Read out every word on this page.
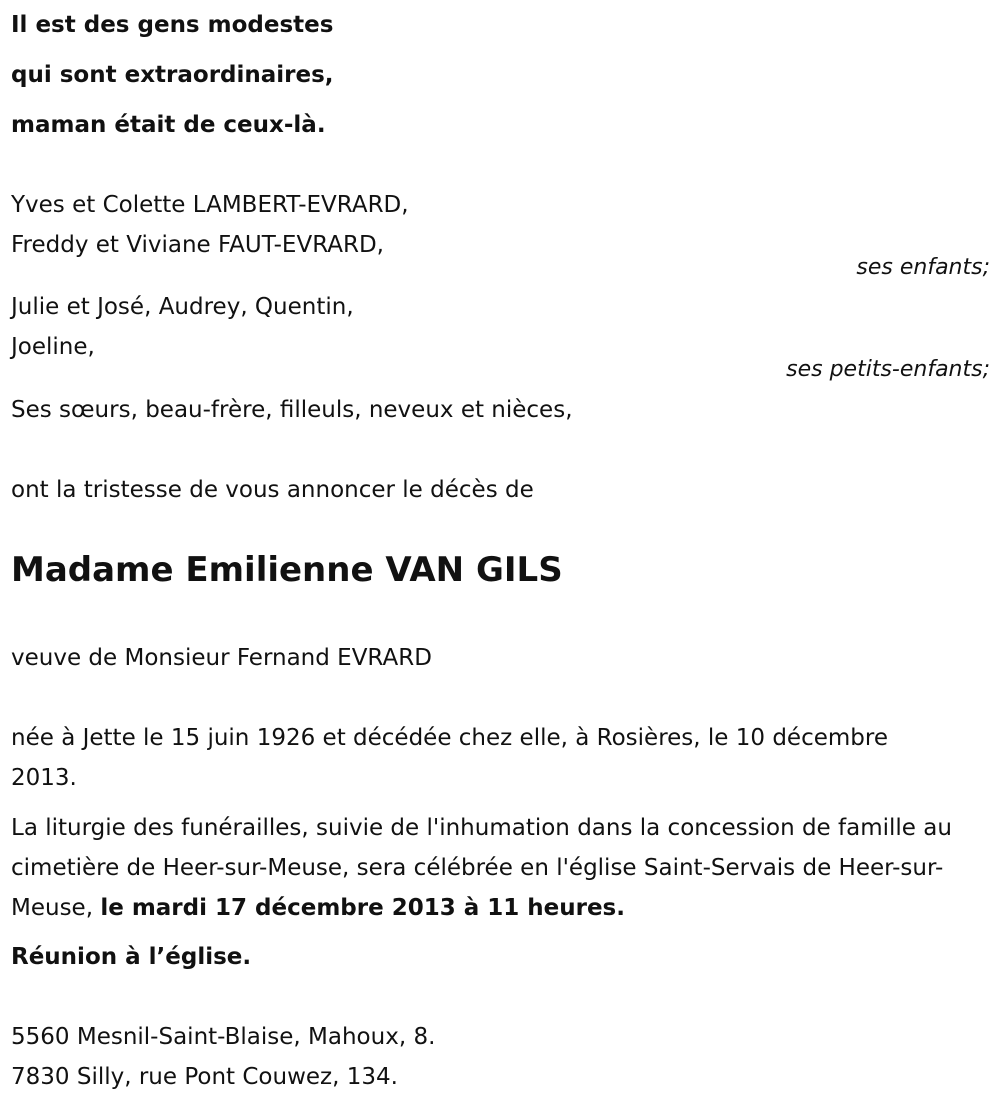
Il est des gens modestes
qui sont extraordinaires,
maman était de ceux-là.
Yves et Colette LAMBERT-EVRARD,
Freddy et Viviane FAUT-EVRARD,
ses enfants;
Julie et José, Audrey, Quentin,
Joeline,
ses petits-enfants;
Ses sœurs, beau-frère, filleuls, neveux et nièces,
ont la tristesse de vous annoncer le décès de
Madame Emilienne VAN GILS
veuve de Monsieur Fernand EVRARD
née à Jette le 15 juin 1926 et décédée chez elle, à Rosières, le 10 décembre 2013.
La liturgie des funérailles, suivie de l'inhumation dans la concession de famille au cimetière de Heer-sur-Meuse, sera célébrée en l'église Saint-Servais de Heer-sur-Meuse, le mardi 17 décembre 2013 à 11 heures.
Réunion à l’église.
5560 Mesnil-Saint-Blaise, Mahoux, 8.
7830 Silly, rue Pont Couwez, 134.
